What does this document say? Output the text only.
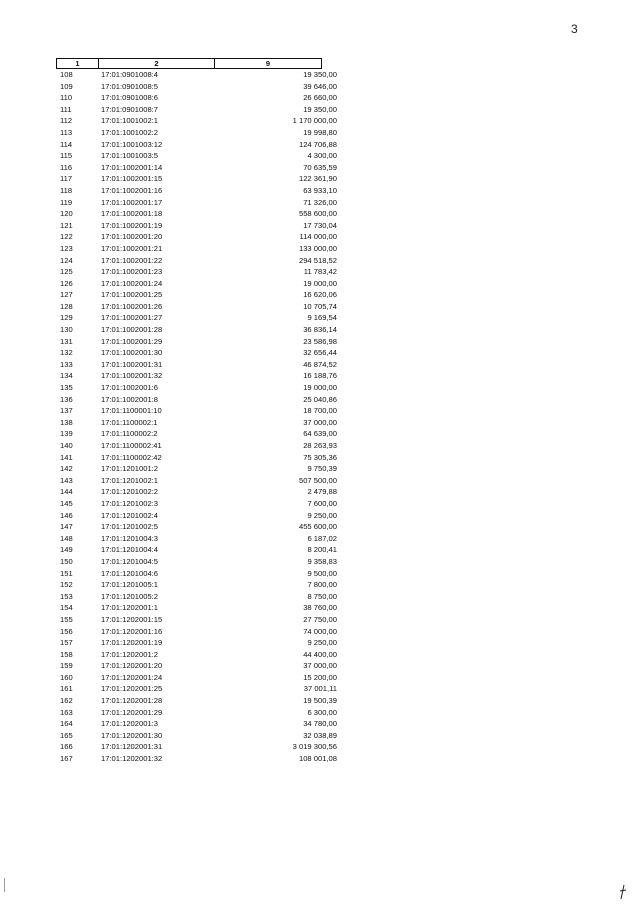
3
1	2	9
108	17:01:0901008:4	19 350,00
109	17:01:0901008:5	39 646,00
110	17:01:0901008:6	26 660,00
111	17:01:0901008:7	19 350,00
112	17:01:1001002:1	1 170 000,00
113	17:01:1001002:2	19 998,80
114	17:01:1001003:12	124 706,88
115	17:01:1001003:5	4 300,00
116	17:01:1002001:14	70 635,59
117	17:01:1002001:15	122 361,90
118	17:01:1002001:16	63 933,10
119	17:01:1002001:17	71 326,00
120	17:01:1002001:18	558 600,00
121	17:01:1002001:19	17 730,04
122	17:01:1002001:20	114 000,00
123	17:01:1002001:21	133 000,00
124	17:01:1002001:22	294 518,52
125	17:01:1002001:23	11 783,42
126	17:01:1002001:24	19 000,00
127	17:01:1002001:25	16 620,06
128	17:01:1002001:26	10 705,74
129	17:01:1002001:27	9 169,54
130	17:01:1002001:28	36 836,14
131	17:01:1002001:29	23 586,98
132	17:01:1002001:30	32 656,44
133	17:01:1002001:31	46 874,52
134	17:01:1002001:32	16 188,76
135	17:01:1002001:6	19 000,00
136	17:01:1002001:8	25 040,86
137	17:01:1100001:10	18 700,00
138	17:01:1100002:1	37 000,00
139	17:01:1100002:2	64 639,00
140	17:01:1100002:41	28 263,93
141	17:01:1100002:42	75 305,36
142	17:01:1201001:2	9 750,39
143	17:01:1201002:1	507 500,00
144	17:01:1201002:2	2 479,88
145	17:01:1201002:3	7 600,00
146	17:01:1201002:4	9 250,00
147	17:01:1201002:5	455 600,00
148	17:01:1201004:3	6 187,02
149	17:01:1201004:4	8 200,41
150	17:01:1201004:5	9 358,83
151	17:01:1201004:6	9 500,00
152	17:01:1201005:1	7 800,00
153	17:01:1201005:2	8 750,00
154	17:01:1202001:1	38 760,00
155	17:01:1202001:15	27 750,00
156	17:01:1202001:16	74 000,00
157	17:01:1202001:19	9 250,00
158	17:01:1202001:2	44 400,00
159	17:01:1202001:20	37 000,00
160	17:01:1202001:24	15 200,00
161	17:01:1202001:25	37 001,11
162	17:01:1202001:28	19 500,39
163	17:01:1202001:29	6 300,00
164	17:01:1202001:3	34 780,00
165	17:01:1202001:30	32 038,89
166	17:01:1202001:31	3 019 300,56
167	17:01:1202001:32	108 001,08
